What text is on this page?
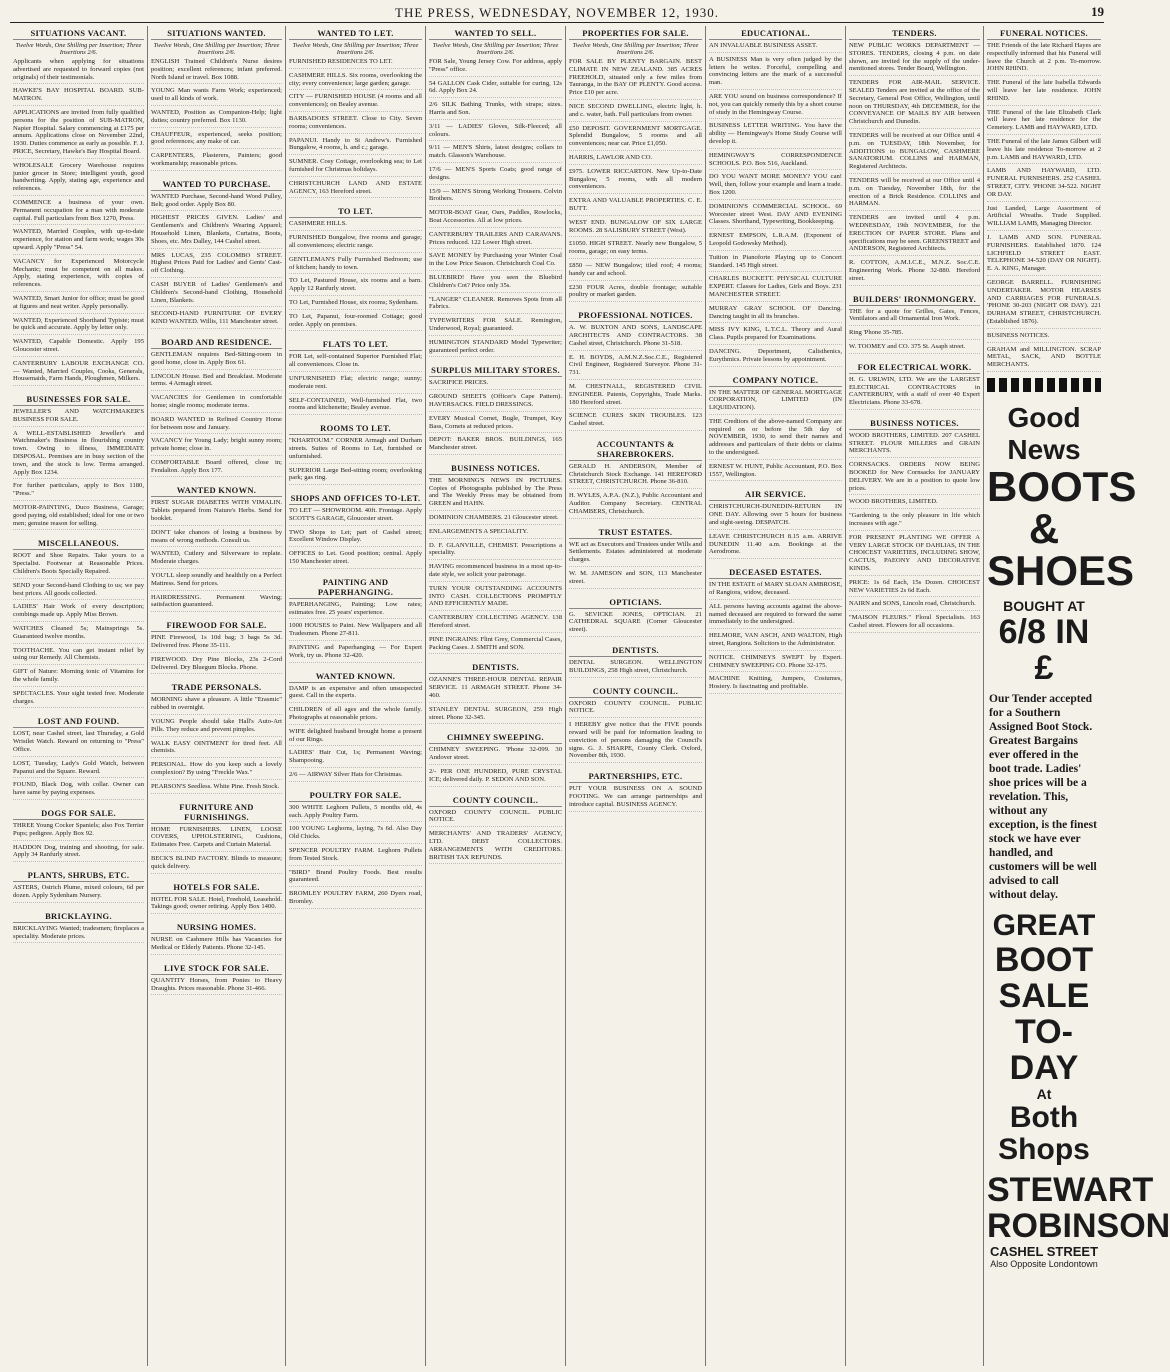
THE PRESS, WEDNESDAY, NOVEMBER 12, 1930.	19
SITUATIONS VACANT.
Twelve Words, One Shilling per Insertion; Three Insertions 2/6.
Applicants when applying for situations advertised are requested to forward copies (not originals) of their testimonials.
HAWKE'S BAY HOSPITAL BOARD. SUB-MATRON.
APPLICATIONS are invited from fully qualified persons for the position of SUB-MATRON, Napier Hospital. Salary commencing at £175 per annum. Applications close on November 22nd, 1930. Duties commence as early as possible. F. J. PRICE, Secretary, Hawke's Bay Hospital Board.
WHOLESALE Grocery Warehouse requires junior grocer in Store; intelligent youth, good handwriting. Apply, stating age, experience and references.
COMMENCE a business of your own. Permanent occupation for a man with moderate capital. Full particulars from Box 1270, Press.
WANTED, Married Couples, with up-to-date experience, for station and farm work; wages 30s upward. Apply "Press" 54.
VACANCY for Experienced Motorcycle Mechanic; must be competent on all makes. Apply, stating experience, with copies of references.
WANTED, Smart Junior for office; must be good at figures and neat writer. Apply personally.
WANTED, Experienced Shorthand Typiste; must be quick and accurate. Apply by letter only.
WANTED, Capable Domestic. Apply 195 Gloucester street.
CANTERBURY LABOUR EXCHANGE CO. — Wanted, Married Couples, Cooks, Generals, Housemaids, Farm Hands, Ploughmen, Milkers.
BUSINESSES FOR SALE.
JEWELLER'S AND WATCHMAKER'S BUSINESS FOR SALE.
A WELL-ESTABLISHED Jeweller's and Watchmaker's Business in flourishing country town. Owing to illness, IMMEDIATE DISPOSAL. Premises are in busy section of the town, and the stock is low. Terms arranged. Apply Box 1234.
For further particulars, apply to Box 1180, "Press."
MOTOR-PAINTING, Duco Business, Garage; good paying, old established; ideal for one or two men; genuine reason for selling.
MISCELLANEOUS.
ROOT and Shoe Repairs. Take yours to a Specialist. Footwear at Reasonable Prices. Children's Boots Specially Repaired.
SEND your Second-hand Clothing to us; we pay best prices. All goods collected.
LADIES' Hair Work of every description; combings made up. Apply Miss Brown.
WATCHES Cleaned 5s; Mainsprings 5s. Guaranteed twelve months.
TOOTHACHE. You can get instant relief by using our Remedy. All Chemists.
GIFT of Nature: Morning tonic of Vitamins for the whole family.
SPECTACLES. Your sight tested free. Moderate charges.
LOST AND FOUND.
LOST, near Cashel street, last Thursday, a Gold Wristlet Watch. Reward on returning to "Press" Office.
LOST, Tuesday, Lady's Gold Watch, between Papanui and the Square. Reward.
FOUND, Black Dog, with collar. Owner can have same by paying expenses.
DOGS FOR SALE.
THREE Young Cocker Spaniels; also Fox Terrier Pups; pedigree. Apply Box 92.
HADDON Dog, training and shooting, for sale. Apply 34 Ranfurly street.
PLANTS, SHRUBS, ETC.
ASTERS, Ostrich Plume, mixed colours, 6d per dozen. Apply Sydenham Nursery.
BRICKLAYING.
BRICKLAYING Wanted; tradesmen; fireplaces a speciality. Moderate prices.
SITUATIONS WANTED.
Twelve Words, One Shilling per Insertion; Three Insertions 2/6.
ENGLISH Trained Children's Nurse desires position; excellent references; infant preferred. North Island or travel. Box 1088.
YOUNG Man wants Farm Work; experienced; used to all kinds of work.
WANTED, Position as Companion-Help; light duties; country preferred. Box 1130.
CHAUFFEUR, experienced, seeks position; good references; any make of car.
CARPENTERS, Plasterers, Painters; good workmanship; reasonable prices.
WANTED TO PURCHASE.
WANTED Purchase, Second-hand Wood Pulley, Belt; good order. Apply Box 80.
HIGHEST PRICES GIVEN. Ladies' and Gentlemen's and Children's Wearing Apparel; Household Linen, Blankets, Curtains, Boots, Shoes, etc. Mrs Dalley, 144 Cashel street.
MRS LUCAS, 235 COLOMBO STREET. Highest Prices Paid for Ladies' and Gents' Cast-off Clothing.
CASH BUYER of Ladies' Gentlemen's and Children's Second-hand Clothing, Household Linen, Blankets.
SECOND-HAND FURNITURE OF EVERY KIND WANTED. Willis, 111 Manchester street.
BOARD AND RESIDENCE.
GENTLEMAN requires Bed-Sitting-room in good home, close in. Apply Box 61.
LINCOLN House. Bed and Breakfast. Moderate terms. 4 Armagh street.
VACANCIES for Gentlemen in comfortable home; single rooms; moderate terms.
BOARD WANTED in Refined Country Home for between now and January.
VACANCY for Young Lady; bright sunny room; private home; close in.
COMFORTABLE Board offered, close in; Fendalton. Apply Box 177.
WANTED KNOWN.
FIRST SUGAR DIABETES WITH VIMALIN. Tablets prepared from Nature's Herbs. Send for booklet.
DON'T take chances of losing a business by means of wrong methods. Consult us.
WANTED, Cutlery and Silverware to replate. Moderate charges.
YOU'LL sleep soundly and healthily on a Perfect Mattress. Send for prices.
HAIRDRESSING. Permanent Waving; satisfaction guaranteed.
FIREWOOD FOR SALE.
PINE Firewood, 1s 10d bag; 3 bags 5s 3d. Delivered free. Phone 35-111.
FIREWOOD. Dry Pine Blocks, 23s 2-Cord Delivered. Dry Bluegum Blocks. Phone.
TRADE PERSONALS.
MORNING shave a pleasure. A little "Erasmic" rubbed in overnight.
YOUNG People should take Hall's Auto-Art Pills. They reduce and prevent pimples.
WALK EASY OINTMENT for tired feet. All chemists.
PERSONAL. How do you keep such a lovely complexion? By using "Freckle Wax."
PEARSON'S Seedless. White Pine. Fresh Stock.
FURNITURE AND FURNISHINGS.
HOME FURNISHERS. LINEN, LOOSE COVERS, UPHOLSTERING, Cushions, Estimates Free. Carpets and Curtain Material.
BECK'S BLIND FACTORY. Blinds to measure; quick delivery.
HOTELS FOR SALE.
HOTEL FOR SALE. Hotel, Freehold, Leasehold. Takings good; owner retiring. Apply Box 1400.
NURSING HOMES.
NURSE on Cashmere Hills has Vacancies for Medical or Elderly Patients. Phone 32-145.
LIVE STOCK FOR SALE.
QUANTITY Horses, from Ponies to Heavy Draughts. Prices reasonable. Phone 31-466.
WANTED TO LET.
Twelve Words, One Shilling per Insertion; Three Insertions 2/6.
FURNISHED RESIDENCES TO LET.
CASHMERE HILLS. Six rooms, overlooking the city; every convenience; large garden; garage.
CITY — FURNISHED HOUSE (4 rooms and all conveniences); on Bealey avenue.
BARBADOES STREET. Close to City. Seven rooms; conveniences.
PAPANUI. Handy to St Andrew's. Furnished Bungalow, 4 rooms, h. and c.; garage.
SUMNER. Cosy Cottage, overlooking sea; to Let furnished for Christmas holidays.
CHRISTCHURCH LAND AND ESTATE AGENCY, 163 Hereford street.
TO LET.
CASHMERE HILLS.
FURNISHED Bungalow, five rooms and garage; all conveniences; electric range.
GENTLEMAN'S Fully Furnished Bedroom; use of kitchen; handy to town.
TO Let, Pastured House, six rooms and a barn. Apply 12 Ranfurly street.
TO Let, Furnished House, six rooms; Sydenham.
TO Let, Papanui, four-roomed Cottage; good order. Apply on premises.
FLATS TO LET.
FOR Let, self-contained Superior Furnished Flat; all conveniences. Close in.
UNFURNISHED Flat; electric range; sunny; moderate rent.
SELF-CONTAINED, Well-furnished Flat, two rooms and kitchenette; Bealey avenue.
ROOMS TO LET.
"KHARTOUM." CORNER Armagh and Durham streets. Suites of Rooms to Let, furnished or unfurnished.
SUPERIOR Large Bed-sitting room; overlooking park; gas ring.
SHOPS AND OFFICES TO-LET.
TO LET — SHOWROOM. 40ft. Frontage. Apply SCOTT'S GARAGE, Gloucester street.
TWO Shops to Let; part of Cashel street; Excellent Window Display.
OFFICES to Let. Good position; central. Apply 150 Manchester street.
PAINTING AND PAPERHANGING.
PAPERHANGING, Painting; Low rates; estimates free. 25 years' experience.
1000 HOUSES to Paint. New Wallpapers and all Tradesmen. Phone 27-811.
PAINTING and Paperhanging — For Expert Work, try us. Phone 32-420.
WANTED KNOWN.
DAMP is an expensive and often unsuspected guest. Call in the experts.
CHILDREN of all ages and the whole family. Photographs at reasonable prices.
WIFE delighted husband brought home a present of our Rings.
LADIES' Hair Cut, 1s; Permanent Waving; Shampooing.
2/6 — AIRWAY Silver Hats for Christmas.
POULTRY FOR SALE.
300 WHITE Leghorn Pullets, 5 months old, 4s each. Apply Poultry Farm.
100 YOUNG Leghorns, laying, 7s 6d. Also Day Old Chicks.
SPENCER POULTRY FARM. Leghorn Pullets from Tested Stock.
"BIRD" Brand Poultry Foods. Best results guaranteed.
BROMLEY POULTRY FARM, 260 Dyers road, Bromley.
WANTED TO SELL.
Twelve Words, One Shilling per Insertion; Three Insertions 2/6.
FOR Sale, Young Jersey Cow. For address, apply "Press" office.
54 GALLON Cask Cider, suitable for curing, 12s 6d. Apply Box 24.
2/6 SILK Bathing Trunks, with straps; sizes. Harris and Son.
3/11 — LADIES' Gloves, Silk-Fleeced; all colours.
9/11 — MEN'S Shirts, latest designs; collars to match. Glasson's Warehouse.
17/6 — MEN'S Sports Coats; good range of designs.
15/9 — MEN'S Strong Working Trousers. Colvin Brothers.
MOTOR-BOAT Gear, Oars, Paddles, Rowlocks, Boat Accessories. All at low prices.
CANTERBURY TRAILERS AND CARAVANS. Prices reduced. 122 Lower High street.
SAVE MONEY by Purchasing your Winter Coal in the Low Price Season. Christchurch Coal Co.
BLUEBIRD! Have you seen the Bluebird Children's Cot? Price only 35s.
"LANGER" CLEANER. Removes Spots from all Fabrics.
TYPEWRITERS FOR SALE. Remington, Underwood, Royal; guaranteed.
HUMINGTON STANDARD Model Typewriter; guaranteed perfect order.
SURPLUS MILITARY STORES.
SACRIFICE PRICES.
GROUND SHEETS (Officer's Cape Pattern). HAVERSACKS. FIELD DRESSINGS.
EVERY Musical Cornet, Bugle, Trumpet, Key Bass, Cornets at reduced prices.
DEPOT: BAKER BROS. BUILDINGS, 165 Manchester street.
BUSINESS NOTICES.
THE MORNING'S NEWS IN PICTURES. Copies of Photographs published by The Press and The Weekly Press may be obtained from GREEN and HAHN.
DOMINION CHAMBERS. 21 Gloucester street.
ENLARGEMENTS A SPECIALITY.
D. F. GLANVILLE, CHEMIST. Prescriptions a speciality.
HAVING recommenced business in a most up-to-date style, we solicit your patronage.
TURN YOUR OUTSTANDING ACCOUNTS INTO CASH. COLLECTIONS PROMPTLY AND EFFICIENTLY MADE.
CANTERBURY COLLECTING AGENCY. 138 Hereford street.
PINE INGRAINS: Flint Grey, Commercial Cases, Packing Cases. J. SMITH and SON.
DENTISTS.
OZANNE'S THREE-HOUR DENTAL REPAIR SERVICE. 11 ARMAGH STREET. Phone 34-460.
STANLEY DENTAL SURGEON, 259 High street. Phone 32-345.
CHIMNEY SWEEPING.
CHIMNEY SWEEPING. 'Phone 32-099. 30 Andover street.
2/- PER ONE HUNDRED, PURE CRYSTAL ICE; delivered daily. P. SEDON AND SON.
COUNTY COUNCIL.
OXFORD COUNTY COUNCIL. PUBLIC NOTICE.
MERCHANTS' AND TRADERS' AGENCY, LTD. DEBT COLLECTORS. ARRANGEMENTS WITH CREDITORS. BRITISH TAX REFUNDS.
PROPERTIES FOR SALE.
Twelve Words, One Shilling per Insertion; Three Insertions 2/6.
FOR SALE BY PLENTY BARGAIN. BEST CLIMATE IN NEW ZEALAND. 385 ACRES FREEHOLD, situated only a few miles from Tauranga, in the BAY OF PLENTY. Good access. Price £10 per acre.
NICE SECOND DWELLING, electric light, h. and c. water, bath. Full particulars from owner.
£50 DEPOSIT. GOVERNMENT MORTGAGE. Splendid Bungalow, 5 rooms and all conveniences; near car. Price £1,050.
HARRIS, LAWLOR AND CO.
£975. LOWER RICCARTON. New Up-to-Date Bungalow, 5 rooms, with all modern conveniences.
EXTRA AND VALUABLE PROPERTIES. C. E. BUTT.
WEST END. BUNGALOW OF SIX LARGE ROOMS. 28 SALISBURY STREET (West).
£1050. HIGH STREET. Nearly new Bungalow, 5 rooms, garage; on easy terms.
£850 — NEW Bungalow; tiled roof; 4 rooms; handy car and school.
£230 FOUR Acres, double frontage; suitable poultry or market garden.
PROFESSIONAL NOTICES.
A. W. BUXTON AND SONS, LANDSCAPE ARCHITECTS AND CONTRACTORS. 38 Cashel street, Christchurch. Phone 31-518.
E. H. BOYDS, A.M.N.Z.Soc.C.E., Registered Civil Engineer, Registered Surveyor. Phone 31-731.
M. CHESTNALL, REGISTERED CIVIL ENGINEER. Patents, Copyrights, Trade Marks. 180 Hereford street.
SCIENCE CURES SKIN TROUBLES. 123 Cashel street.
ACCOUNTANTS & SHAREBROKERS.
GERALD H. ANDERSON, Member of Christchurch Stock Exchange. 141 HEREFORD STREET, CHRISTCHURCH. Phone 36-810.
H. WYLES, A.P.A. (N.Z.), Public Accountant and Auditor. Company Secretary. CENTRAL CHAMBERS, Christchurch.
TRUST ESTATES.
WE act as Executors and Trustees under Wills and Settlements. Estates administered at moderate charges.
W. M. JAMESON and SON, 113 Manchester street.
OPTICIANS.
G. SEVICKE JONES, OPTICIAN. 21 CATHEDRAL SQUARE (Corner Gloucester street).
DENTISTS.
DENTAL SURGEON. WELLINGTON BUILDINGS, 258 High street, Christchurch.
COUNTY COUNCIL.
OXFORD COUNTY COUNCIL. PUBLIC NOTICE.
I HEREBY give notice that the FIVE pounds reward will be paid for information leading to conviction of persons damaging the Council's signs. G. J. SHARPE, County Clerk. Oxford, November 8th, 1930.
PARTNERSHIPS, ETC.
PUT YOUR BUSINESS ON A SOUND FOOTING. We can arrange partnerships and introduce capital. BUSINESS AGENCY.
EDUCATIONAL.
AN INVALUABLE BUSINESS ASSET.
A BUSINESS Man is very often judged by the letters he writes. Forceful, compelling and convincing letters are the mark of a successful man.
ARE YOU sound on business correspondence? If not, you can quickly remedy this by a short course of study in the Hemingway Course.
BUSINESS LETTER WRITING. You have the ability — Hemingway's Home Study Course will develop it.
HEMINGWAY'S CORRESPONDENCE SCHOOLS. P.O. Box 516, Auckland.
DO YOU WANT MORE MONEY? YOU can! Well, then, follow your example and learn a trade. Box 1200.
DOMINION'S COMMERCIAL SCHOOL. 69 Worcester street West. DAY AND EVENING Classes. Shorthand, Typewriting, Bookkeeping.
ERNEST EMPSON, L.R.A.M. (Exponent of Leopold Godowsky Method).
Tuition in Pianoforte Playing up to Concert Standard. 145 High street.
CHARLES BUCKETT. PHYSICAL CULTURE EXPERT. Classes for Ladies, Girls and Boys. 231 MANCHESTER STREET.
MURRAY GRAY SCHOOL OF Dancing. Dancing taught in all its branches.
MISS IVY KING, L.T.C.L. Theory and Aural Class. Pupils prepared for Examinations.
DANCING. Deportment, Calisthenics, Eurythmics. Private lessons by appointment.
COMPANY NOTICE.
IN THE MATTER OF GENERAL MORTGAGE CORPORATION, LIMITED (IN LIQUIDATION).
THE Creditors of the above-named Company are required on or before the 5th day of NOVEMBER, 1930, to send their names and addresses and particulars of their debts or claims to the undersigned.
ERNEST W. HUNT, Public Accountant, P.O. Box 1557, Wellington.
AIR SERVICE.
CHRISTCHURCH-DUNEDIN-RETURN IN ONE DAY. Allowing over 5 hours for business and sight-seeing. DESPATCH.
LEAVE CHRISTCHURCH 8.15 a.m. ARRIVE DUNEDIN 11.40 a.m. Bookings at the Aerodrome.
DECEASED ESTATES.
IN THE ESTATE of MARY SLOAN AMBROSE, of Rangiora, widow, deceased.
ALL persons having accounts against the above-named deceased are required to forward the same immediately to the undersigned.
HELMORE, VAN ASCH, AND WALTON, High street, Rangiora. Solicitors to the Administrator.
NOTICE. CHIMNEYS SWEPT by Expert. CHIMNEY SWEEPING CO. Phone 32-175.
MACHINE Knitting, Jumpers, Costumes, Hosiery. Is fascinating and profitable.
TENDERS.
NEW PUBLIC WORKS DEPARTMENT — STORES. TENDERS, closing 4 p.m. on date shown, are invited for the supply of the under-mentioned stores. Tender Board, Wellington.
TENDERS FOR AIR-MAIL SERVICE. SEALED Tenders are invited at the office of the Secretary, General Post Office, Wellington, until noon on THURSDAY, 4th DECEMBER, for the CONVEYANCE OF MAILS BY AIR between Christchurch and Dunedin.
TENDERS will be received at our Office until 4 p.m. on TUESDAY, 18th November, for ADDITIONS to BUNGALOW, CASHMERE SANATORIUM. COLLINS and HARMAN, Registered Architects.
TENDERS will be received at our Office until 4 p.m. on Tuesday, November 18th, for the erection of a Brick Residence. COLLINS and HARMAN.
TENDERS are invited until 4 p.m. WEDNESDAY, 19th NOVEMBER, for the ERECTION OF PAPER STORE. Plans and specifications may be seen. GREENSTREET and ANDERSON, Registered Architects.
R. COTTON, A.M.I.C.E., M.N.Z. Soc.C.E. Engineering Work. Phone 32-880. Hereford street.
BUILDERS' IRONMONGERY.
THE for a quote for Grilles, Gates, Fences, Ventilators and all Ornamental Iron Work.
Ring 'Phone 35-785.
W. TOOMEY and CO. 375 St. Asaph street.
FOR ELECTRICAL WORK.
H. G. URLWIN, LTD. We are the LARGEST ELECTRICAL CONTRACTORS in CANTERBURY, with a staff of over 40 Expert Electricians. Phone 33-678.
BUSINESS NOTICES.
WOOD BROTHERS, LIMITED. 207 CASHEL STREET. FLOUR MILLERS and GRAIN MERCHANTS.
CORNSACKS. ORDERS NOW BEING BOOKED for New Cornsacks for JANUARY DELIVERY. We are in a position to quote low prices.
WOOD BROTHERS, LIMITED.
"Gardening is the only pleasure in life which increases with age."
FOR PRESENT PLANTING WE OFFER A VERY LARGE STOCK OF DAHLIAS, IN THE CHOICEST VARIETIES, INCLUDING SHOW, CACTUS, PAEONY AND DECORATIVE KINDS.
PRICE: 1s 6d Each, 15s Dozen. CHOICEST NEW VARIETIES 2s 6d Each.
NAIRN and SONS, Lincoln road, Christchurch.
"MAISON FLEURS." Floral Specialists. 163 Cashel street. Flowers for all occasions.
FUNERAL NOTICES.
THE Friends of the late Richard Hayes are respectfully informed that his Funeral will leave the Church at 2 p.m. To-morrow. JOHN RHIND.
THE Funeral of the late Isabella Edwards will leave her late residence. JOHN RHIND.
THE Funeral of the late Elizabeth Clark will leave her late residence for the Cemetery. LAMB and HAYWARD, LTD.
THE Funeral of the late James Gilbert will leave his late residence To-morrow at 2 p.m. LAMB and HAYWARD, LTD.
LAMB AND HAYWARD, LTD. FUNERAL FURNISHERS. 252 CASHEL STREET, CITY. 'PHONE 34-522. NIGHT OR DAY.
Just Landed, Large Assortment of Artificial Wreaths. Trade Supplied. WILLIAM LAMB, Managing Director.
J. LAMB AND SON. FUNERAL FURNISHERS. Established 1870. 124 LICHFIELD STREET EAST. TELEPHONE 34-520 (DAY OR NIGHT). E. A. KING, Manager.
GEORGE BARRELL. FURNISHING UNDERTAKER. MOTOR HEARSES AND CARRIAGES FOR FUNERALS. 'PHONE 30-203 (NIGHT OR DAY). 221 DURHAM STREET, CHRISTCHURCH. (Established 1876).
BUSINESS NOTICES.
GRAHAM and MILLINGTON. SCRAP METAL, SACK, AND BOTTLE MERCHANTS.
Good News
BOOTS &
SHOES
BOUGHT AT
6/8 IN £
Our Tender accepted for a Southern Assigned Boot Stock. Greatest Bargains ever offered in the boot trade. Ladies' shoe prices will be a revelation. This, without any exception, is the finest stock we have ever handled, and customers will be well advised to call without delay.
GREAT
BOOT SALE
TO-DAY
At
Both Shops
STEWART
ROBINSON
CASHEL STREET
Also Opposite Londontown
